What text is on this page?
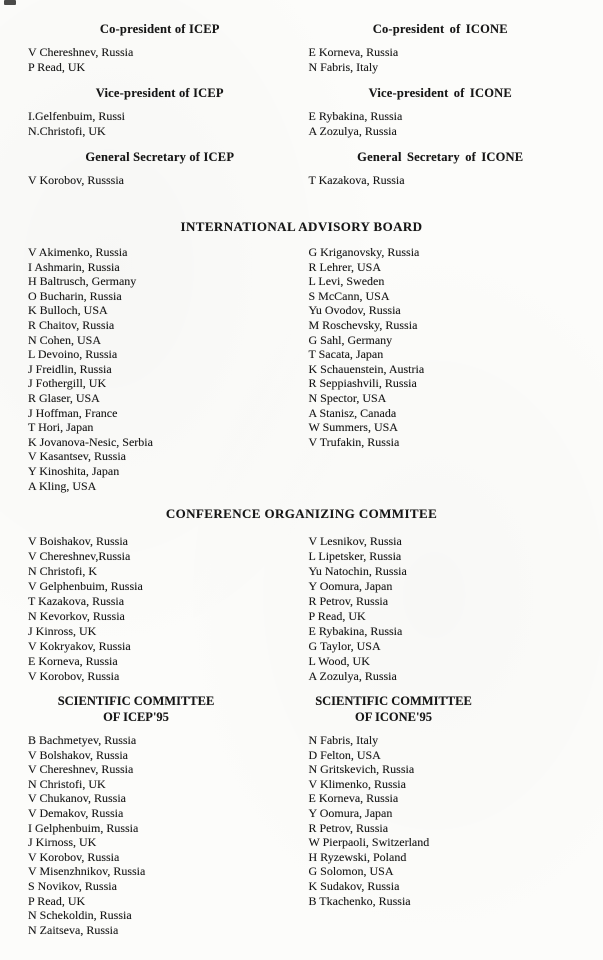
Co-president of ICEP
V Chereshnev, Russia
P Read, UK
Vice-president of ICEP
I.Gelfenbuim, Russi
N.Christofi, UK
General Secretary of ICEP
V Korobov, Russsia
Co-president of ICONE
E Korneva, Russia
N Fabris, Italy
Vice-president of ICONE
E Rybakina, Russia
A Zozulya, Russia
General Secretary of ICONE
T Kazakova, Russia
INTERNATIONAL ADVISORY BOARD
V Akimenko, Russia
I Ashmarin, Russia
H Baltrusch, Germany
O Bucharin, Russia
K Bulloch, USA
R Chaitov, Russia
N Cohen, USA
L Devoino, Russia
J Freidlin, Russia
J Fothergill, UK
R Glaser, USA
J Hoffman, France
T Hori, Japan
K Jovanova-Nesic, Serbia
V Kasantsev, Russia
Y Kinoshita, Japan
A Kling, USA
G Kriganovsky, Russia
R Lehrer, USA
L Levi, Sweden
S McCann, USA
Yu Ovodov, Russia
M Roschevsky, Russia
G Sahl, Germany
T Sacata, Japan
K Schauenstein, Austria
R Seppiashvili, Russia
N Spector, USA
A Stanisz, Canada
W Summers, USA
V Trufakin, Russia
CONFERENCE ORGANIZING COMMITEE
V Boishakov, Russia
V Chereshnev,Russia
N Christofi, K
V Gelphenbuim, Russia
T Kazakova, Russia
N Kevorkov, Russia
J Kinross, UK
V Kokryakov, Russia
E Korneva, Russia
V Korobov, Russia
V Lesnikov, Russia
L Lipetsker, Russia
Yu Natochin, Russia
Y Oomura, Japan
R Petrov, Russia
P Read, UK
E Rybakina, Russia
G Taylor, USA
L Wood, UK
A Zozulya, Russia
SCIENTIFIC COMMITTEE
OF ICEP'95
B Bachmetyev, Russia
V Bolshakov, Russia
V Chereshnev, Russia
N Christofi, UK
V Chukanov, Russia
V Demakov, Russia
I Gelphenbuim, Russia
J Kirnoss, UK
V Korobov, Russia
V Misenzhnikov, Russia
S Novikov, Russia
P Read, UK
N Schekoldin, Russia
N Zaitseva, Russia
SCIENTIFIC COMMITTEE
OF ICONE'95
N Fabris, Italy
D Felton, USA
N Gritskevich, Russia
V Klimenko, Russia
E Korneva, Russia
Y Oomura, Japan
R Petrov, Russia
W Pierpaoli, Switzerland
H Ryzewski, Poland
G Solomon, USA
K Sudakov, Russia
B Tkachenko, Russia
